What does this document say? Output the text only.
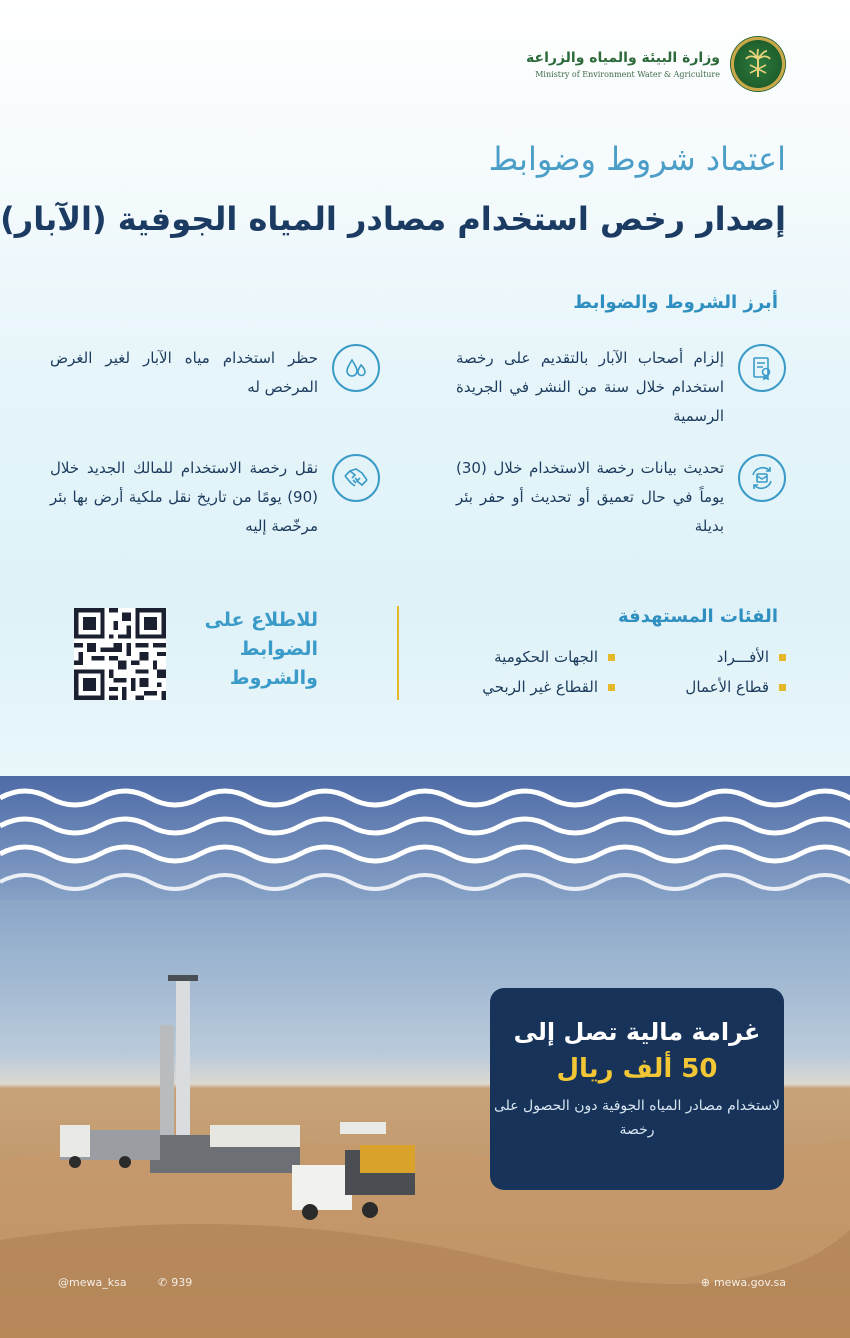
وزارة البيئة والمياه والزراعة
Ministry of Environment Water & Agriculture
اعتماد شروط وضوابط
إصدار رخص استخدام مصادر المياه الجوفية (الآبار)
أبرز الشروط والضوابط
إلزام أصحاب الآبار بالتقديم على رخصة استخدام خلال سنة من النشر في الجريدة الرسمية
حظر استخدام مياه الآبار لغير الغرض المرخص له
تحديث بيانات رخصة الاستخدام خلال (30) يوماً في حال تعميق أو تحديث أو حفر بئر بديلة
نقل رخصة الاستخدام للمالك الجديد خلال (90) يومًا من تاريخ نقل ملكية أرض بها بئر مرخّصة إليه
الفئات المستهدفة
الأفـــراد
الجهات الحكومية
قطاع الأعمال
القطاع غير الربحي
للاطلاع على الضوابط والشروط
غرامة مالية تصل إلى
50 ألف ريال
لاستخدام مصادر المياه الجوفية دون الحصول على رخصة
@mewa_ksa	✆ 939	⊕ mewa.gov.sa
